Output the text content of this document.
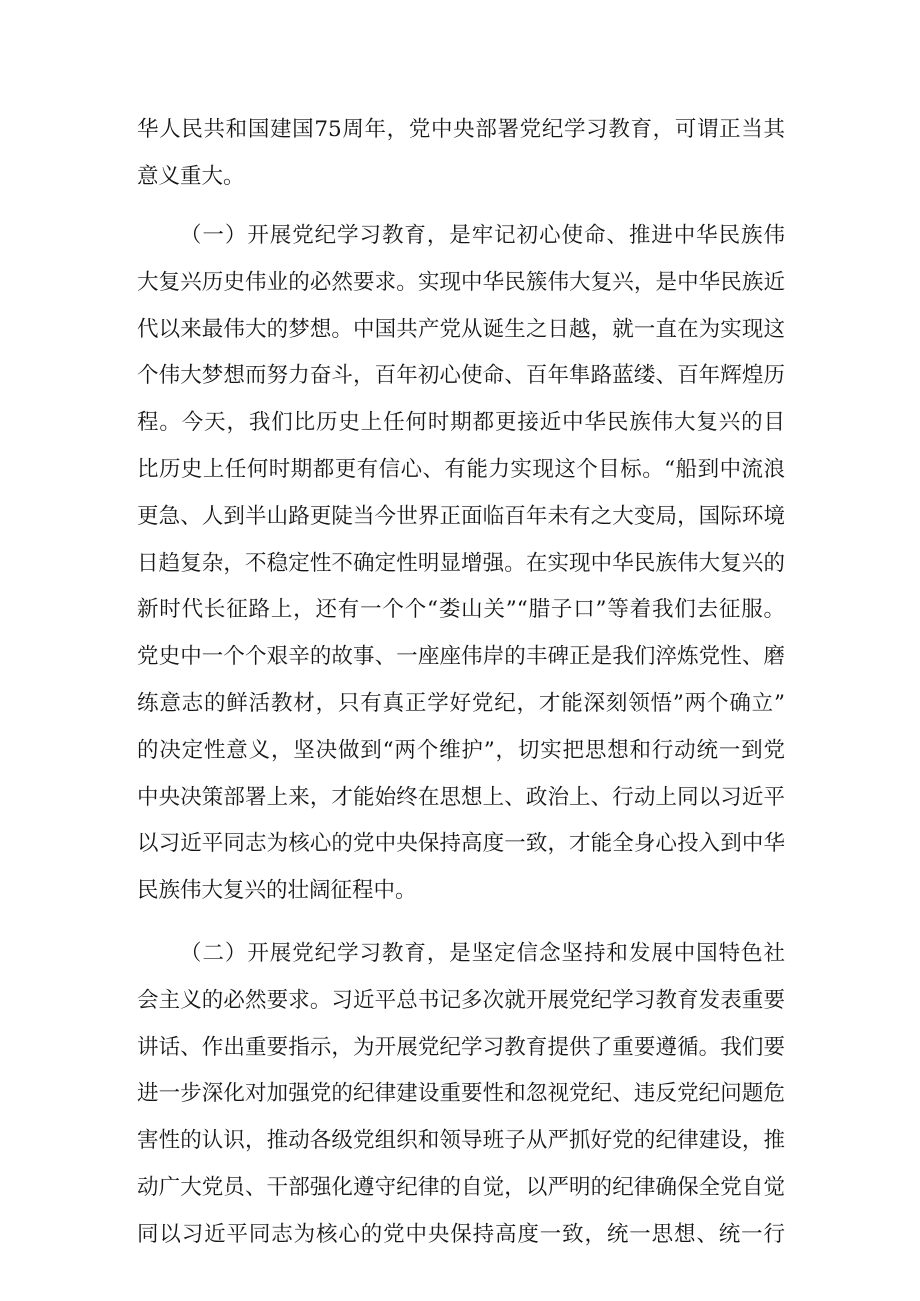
华人民共和国建国75周年，党中央部署党纪学习教育，可谓正当其
意义重大。
（一）开展党纪学习教育，是牢记初心使命、推进中华民族伟
大复兴历史伟业的必然要求。实现中华民簇伟大复兴，是中华民族近
代以来最伟大的梦想。中国共产党从诞生之日越，就一直在为实现这
个伟大梦想而努力奋斗，百年初心使命、百年隼路蓝缕、百年辉煌历
程。今天，我们比历史上任何时期都更接近中华民族伟大复兴的目
比历史上任何时期都更有信心、有能力实现这个目标。“船到中流浪
更急、人到半山路更陡当今世界正面临百年未有之大变局，国际环境
日趋复杂，不稳定性不确定性明显增强。在实现中华民族伟大复兴的
新时代长征路上，还有一个个“娄山关”“腊子口”等着我们去征服。
党史中一个个艰辛的故事、一座座伟岸的丰碑正是我们淬炼党性、磨
练意志的鲜活教材，只有真正学好党纪，才能深刻领悟”两个确立”
的决定性意义，坚决做到“两个维护”，切实把思想和行动统一到党
中央决策部署上来，才能始终在思想上、政治上、行动上同以习近平
以习近平同志为核心的党中央保持高度一致，才能全身心投入到中华
民族伟大复兴的壮阔征程中。
（二）开展党纪学习教育，是坚定信念坚持和发展中国特色社
会主义的必然要求。习近平总书记多次就开展党纪学习教育发表重要
讲话、作出重要指示，为开展党纪学习教育提供了重要遵循。我们要
进一步深化对加强党的纪律建设重要性和忽视党纪、违反党纪问题危
害性的认识，推动各级党组织和领导班子从严抓好党的纪律建设，推
动广大党员、干部强化遵守纪律的自觉，以严明的纪律确保全党自觉
同以习近平同志为核心的党中央保持高度一致，统一思想、统一行
